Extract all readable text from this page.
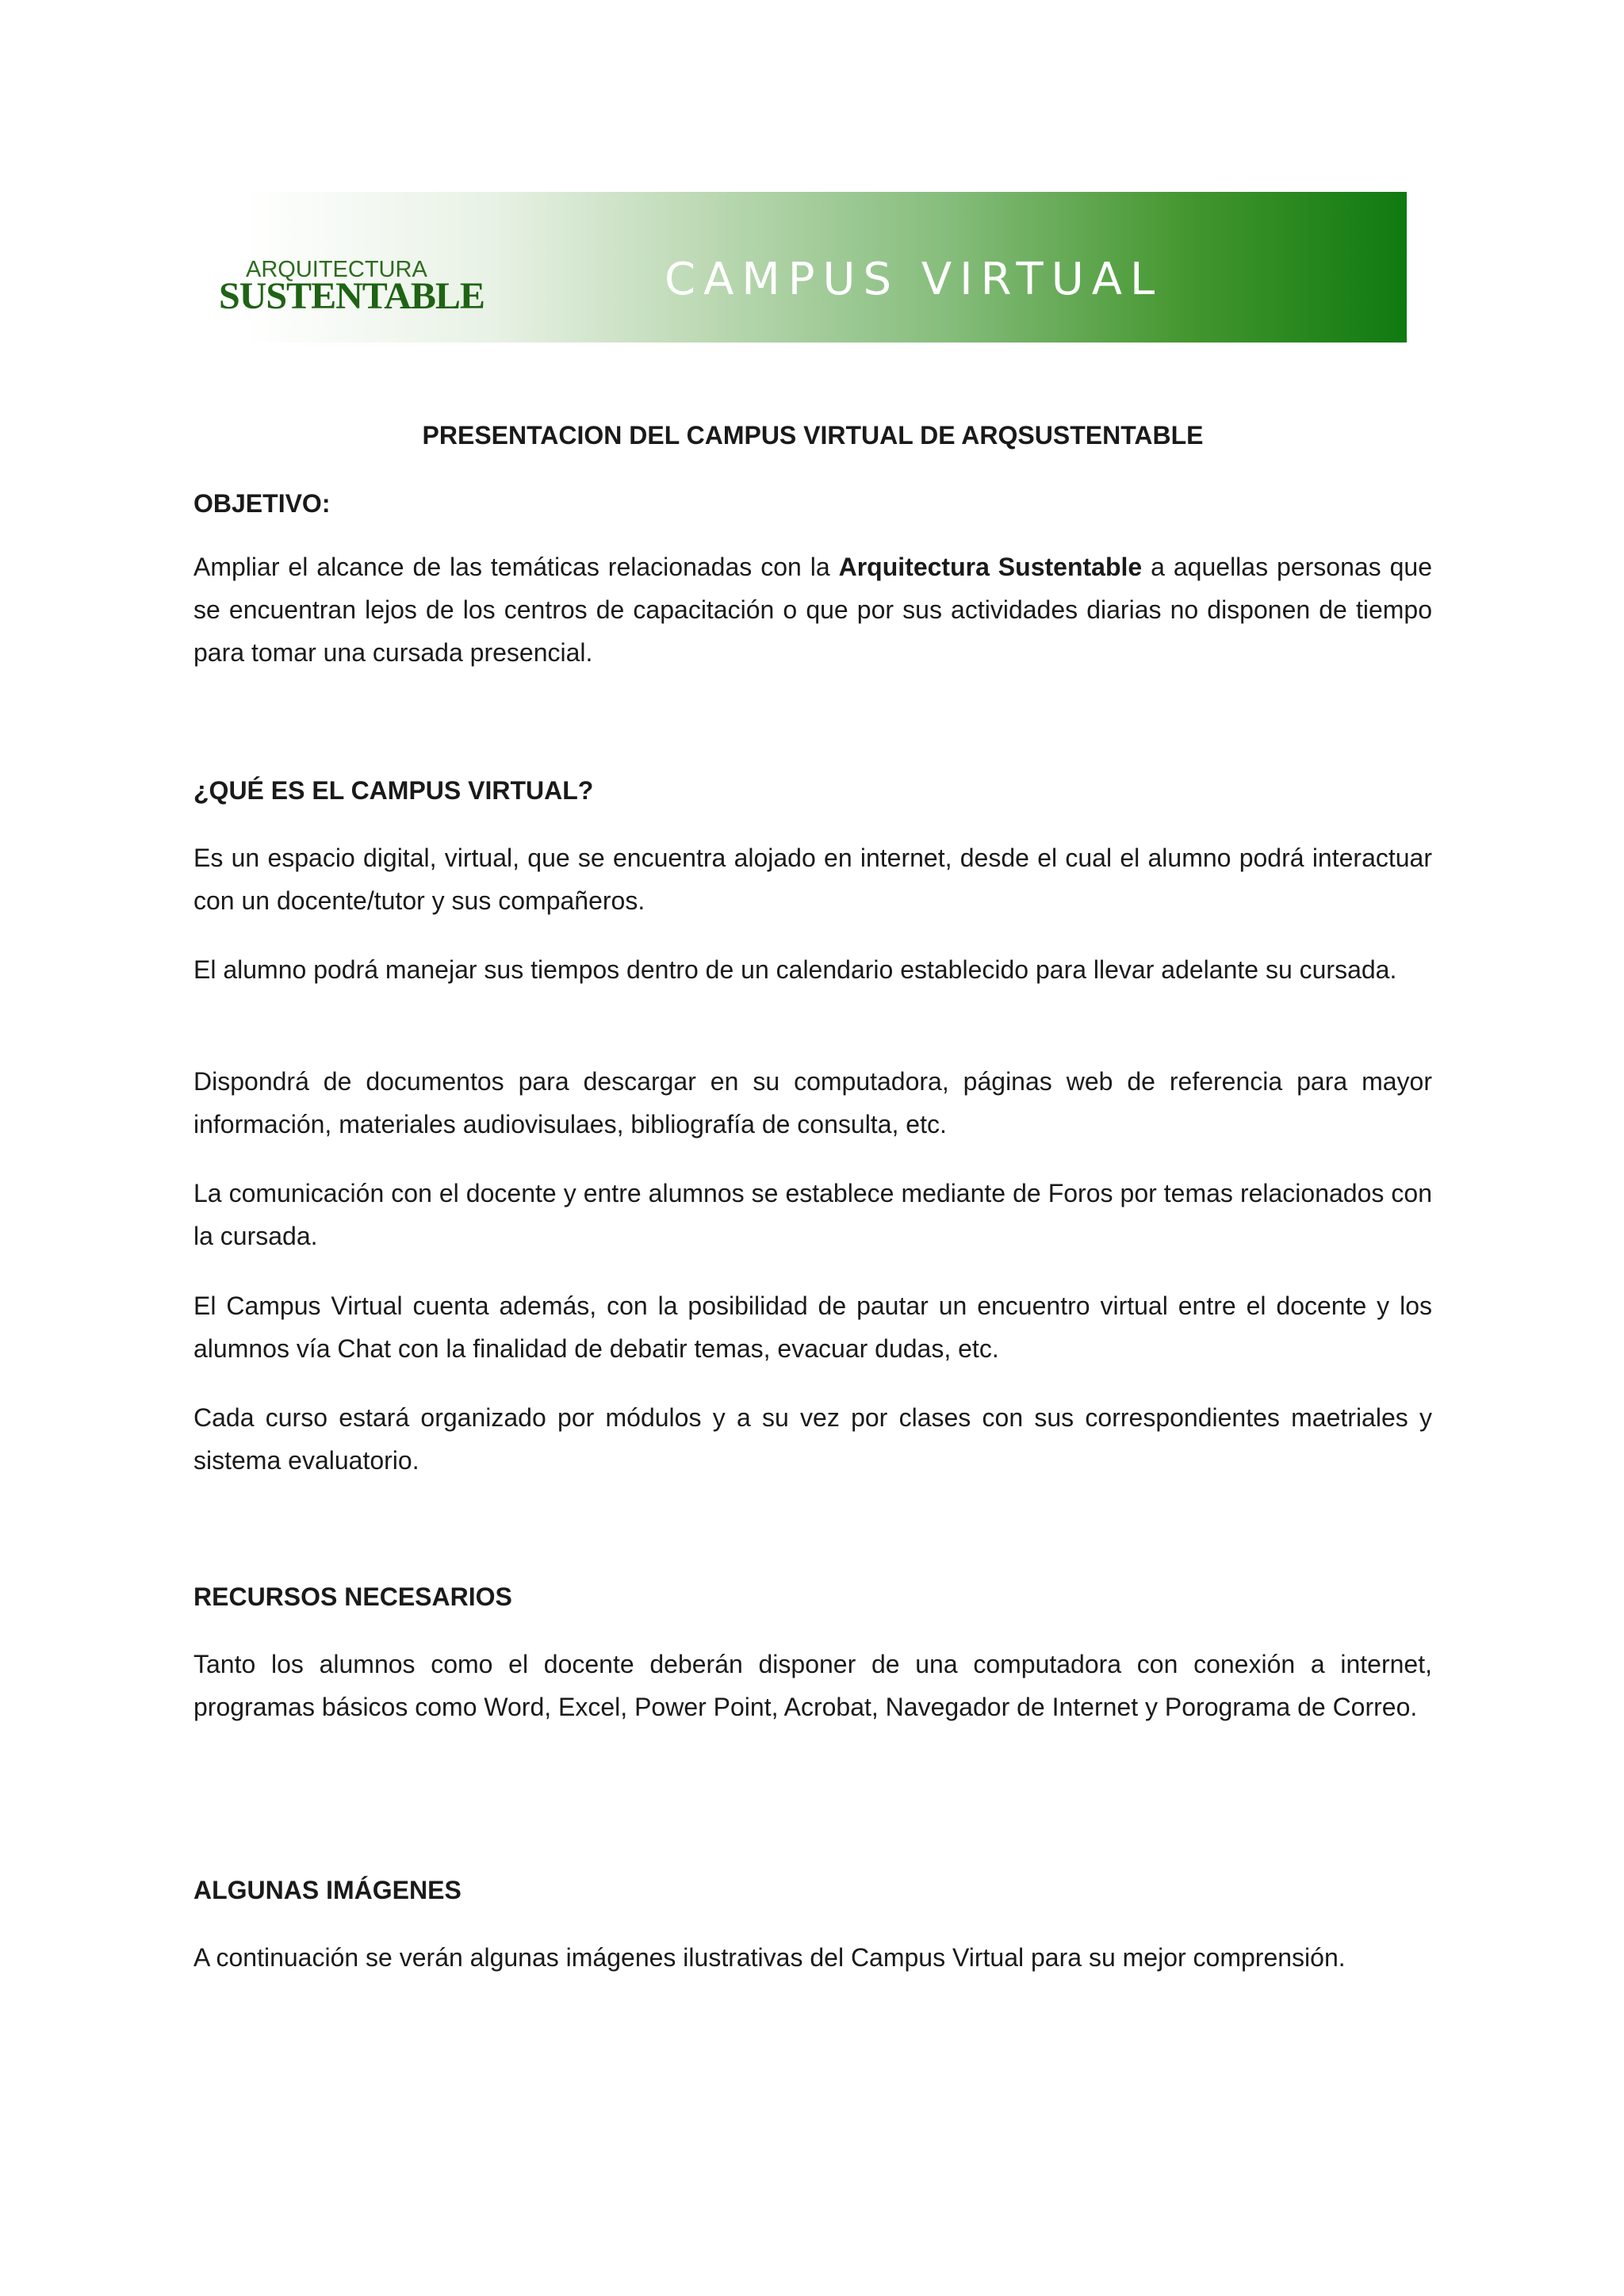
ARQUITECTURA
SUSTENTABLE	CAMPUS VIRTUAL
PRESENTACION DEL CAMPUS VIRTUAL DE ARQSUSTENTABLE
OBJETIVO:

Ampliar el alcance de las temáticas relacionadas con la Arquitectura Sustentable a aquellas personas que se encuentran lejos de los centros de capacitación o que por sus actividades diarias no disponen de tiempo para tomar una cursada presencial.

¿QUÉ ES EL CAMPUS VIRTUAL?

Es un espacio digital, virtual, que se encuentra alojado en internet, desde el cual el alumno podrá interactuar con un docente/tutor y sus compañeros.

El alumno podrá manejar sus tiempos dentro de un calendario establecido para llevar adelante su cursada.

Dispondrá de documentos para descargar en su computadora, páginas web de referencia para mayor información, materiales audiovisulaes, bibliografía de consulta, etc.

La comunicación con el docente y entre alumnos se establece mediante de Foros por temas relacionados con la cursada.

El Campus Virtual cuenta además, con la posibilidad de pautar un encuentro virtual entre el docente y los alumnos vía Chat con la finalidad de debatir temas, evacuar dudas, etc.

Cada curso estará organizado por módulos y a su vez por clases con sus correspondientes maetriales y sistema evaluatorio.

RECURSOS NECESARIOS

Tanto los alumnos como el docente deberán disponer de una computadora con conexión a internet, programas básicos como Word, Excel, Power Point, Acrobat, Navegador de Internet y Porograma de Correo.

ALGUNAS IMÁGENES

A continuación se verán algunas imágenes ilustrativas del Campus Virtual para su mejor comprensión.
